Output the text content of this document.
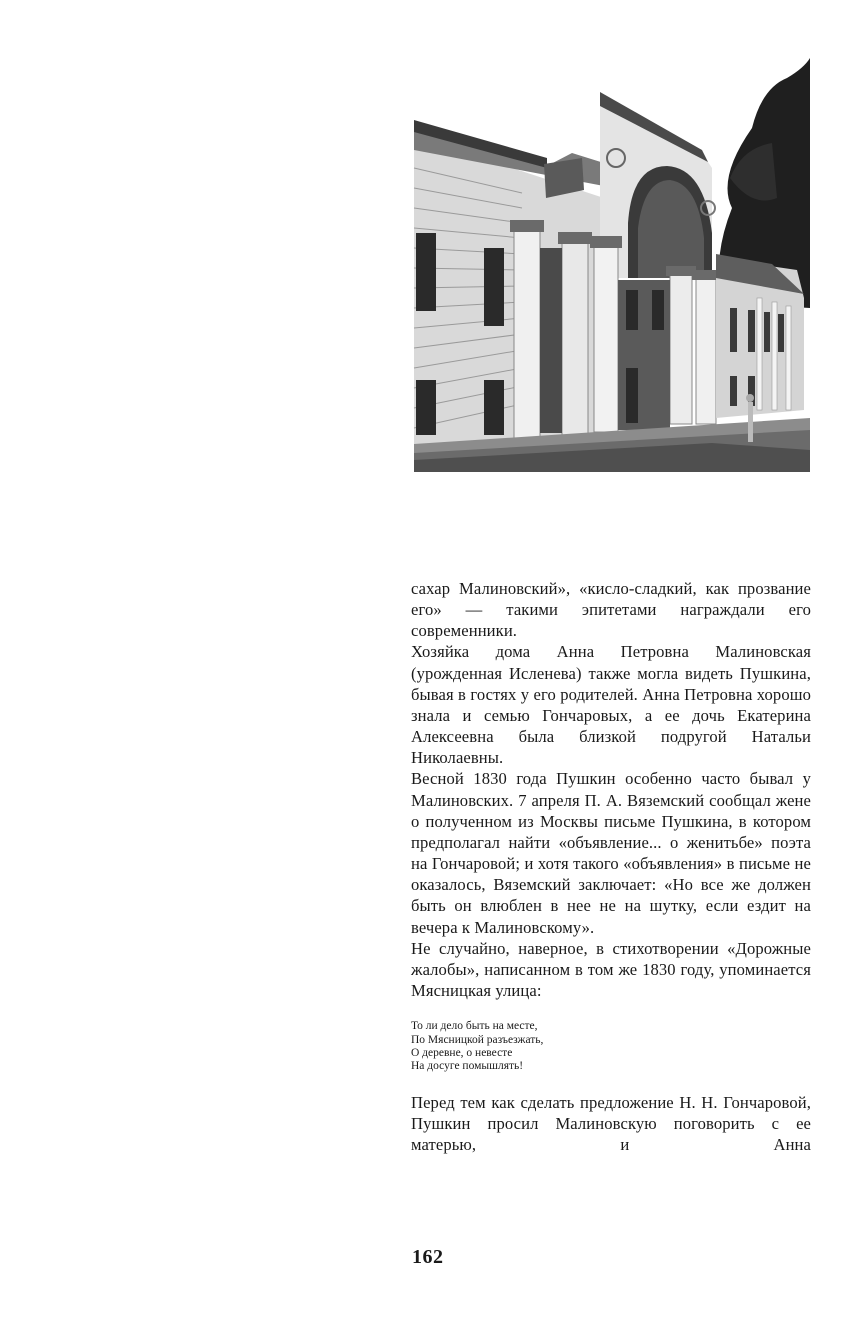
сахар Малиновский», «кисло-сладкий, как прозвание его» — такими эпитетами награждали его современники.

Хозяйка дома Анна Петровна Малиновская (урожденная Исленева) также могла видеть Пушкина, бывая в гостях у его родителей. Анна Петровна хорошо знала и семью Гончаровых, а ее дочь Екатерина Алексеевна была близкой подругой Натальи Николаевны.

Весной 1830 года Пушкин особенно часто бывал у Малиновских. 7 апреля П. А. Вяземский сообщал жене о полученном из Москвы письме Пушкина, в котором предполагал найти «объявление... о женитьбе» поэта на Гончаровой; и хотя такого «объявления» в письме не оказалось, Вяземский заключает: «Но все же должен быть он влюблен в нее не на шутку, если ездит на вечера к Малиновскому».

Не случайно, наверное, в стихотворении «Дорожные жалобы», написанном в том же 1830 году, упоминается Мясницкая улица:

То ли дело быть на месте,
По Мясницкой разъезжать,
О деревне, о невесте
На досуге помышлять!

Перед тем как сделать предложение Н. Н. Гончаровой, Пушкин просил Малиновскую поговорить с ее матерью, и Анна

162
